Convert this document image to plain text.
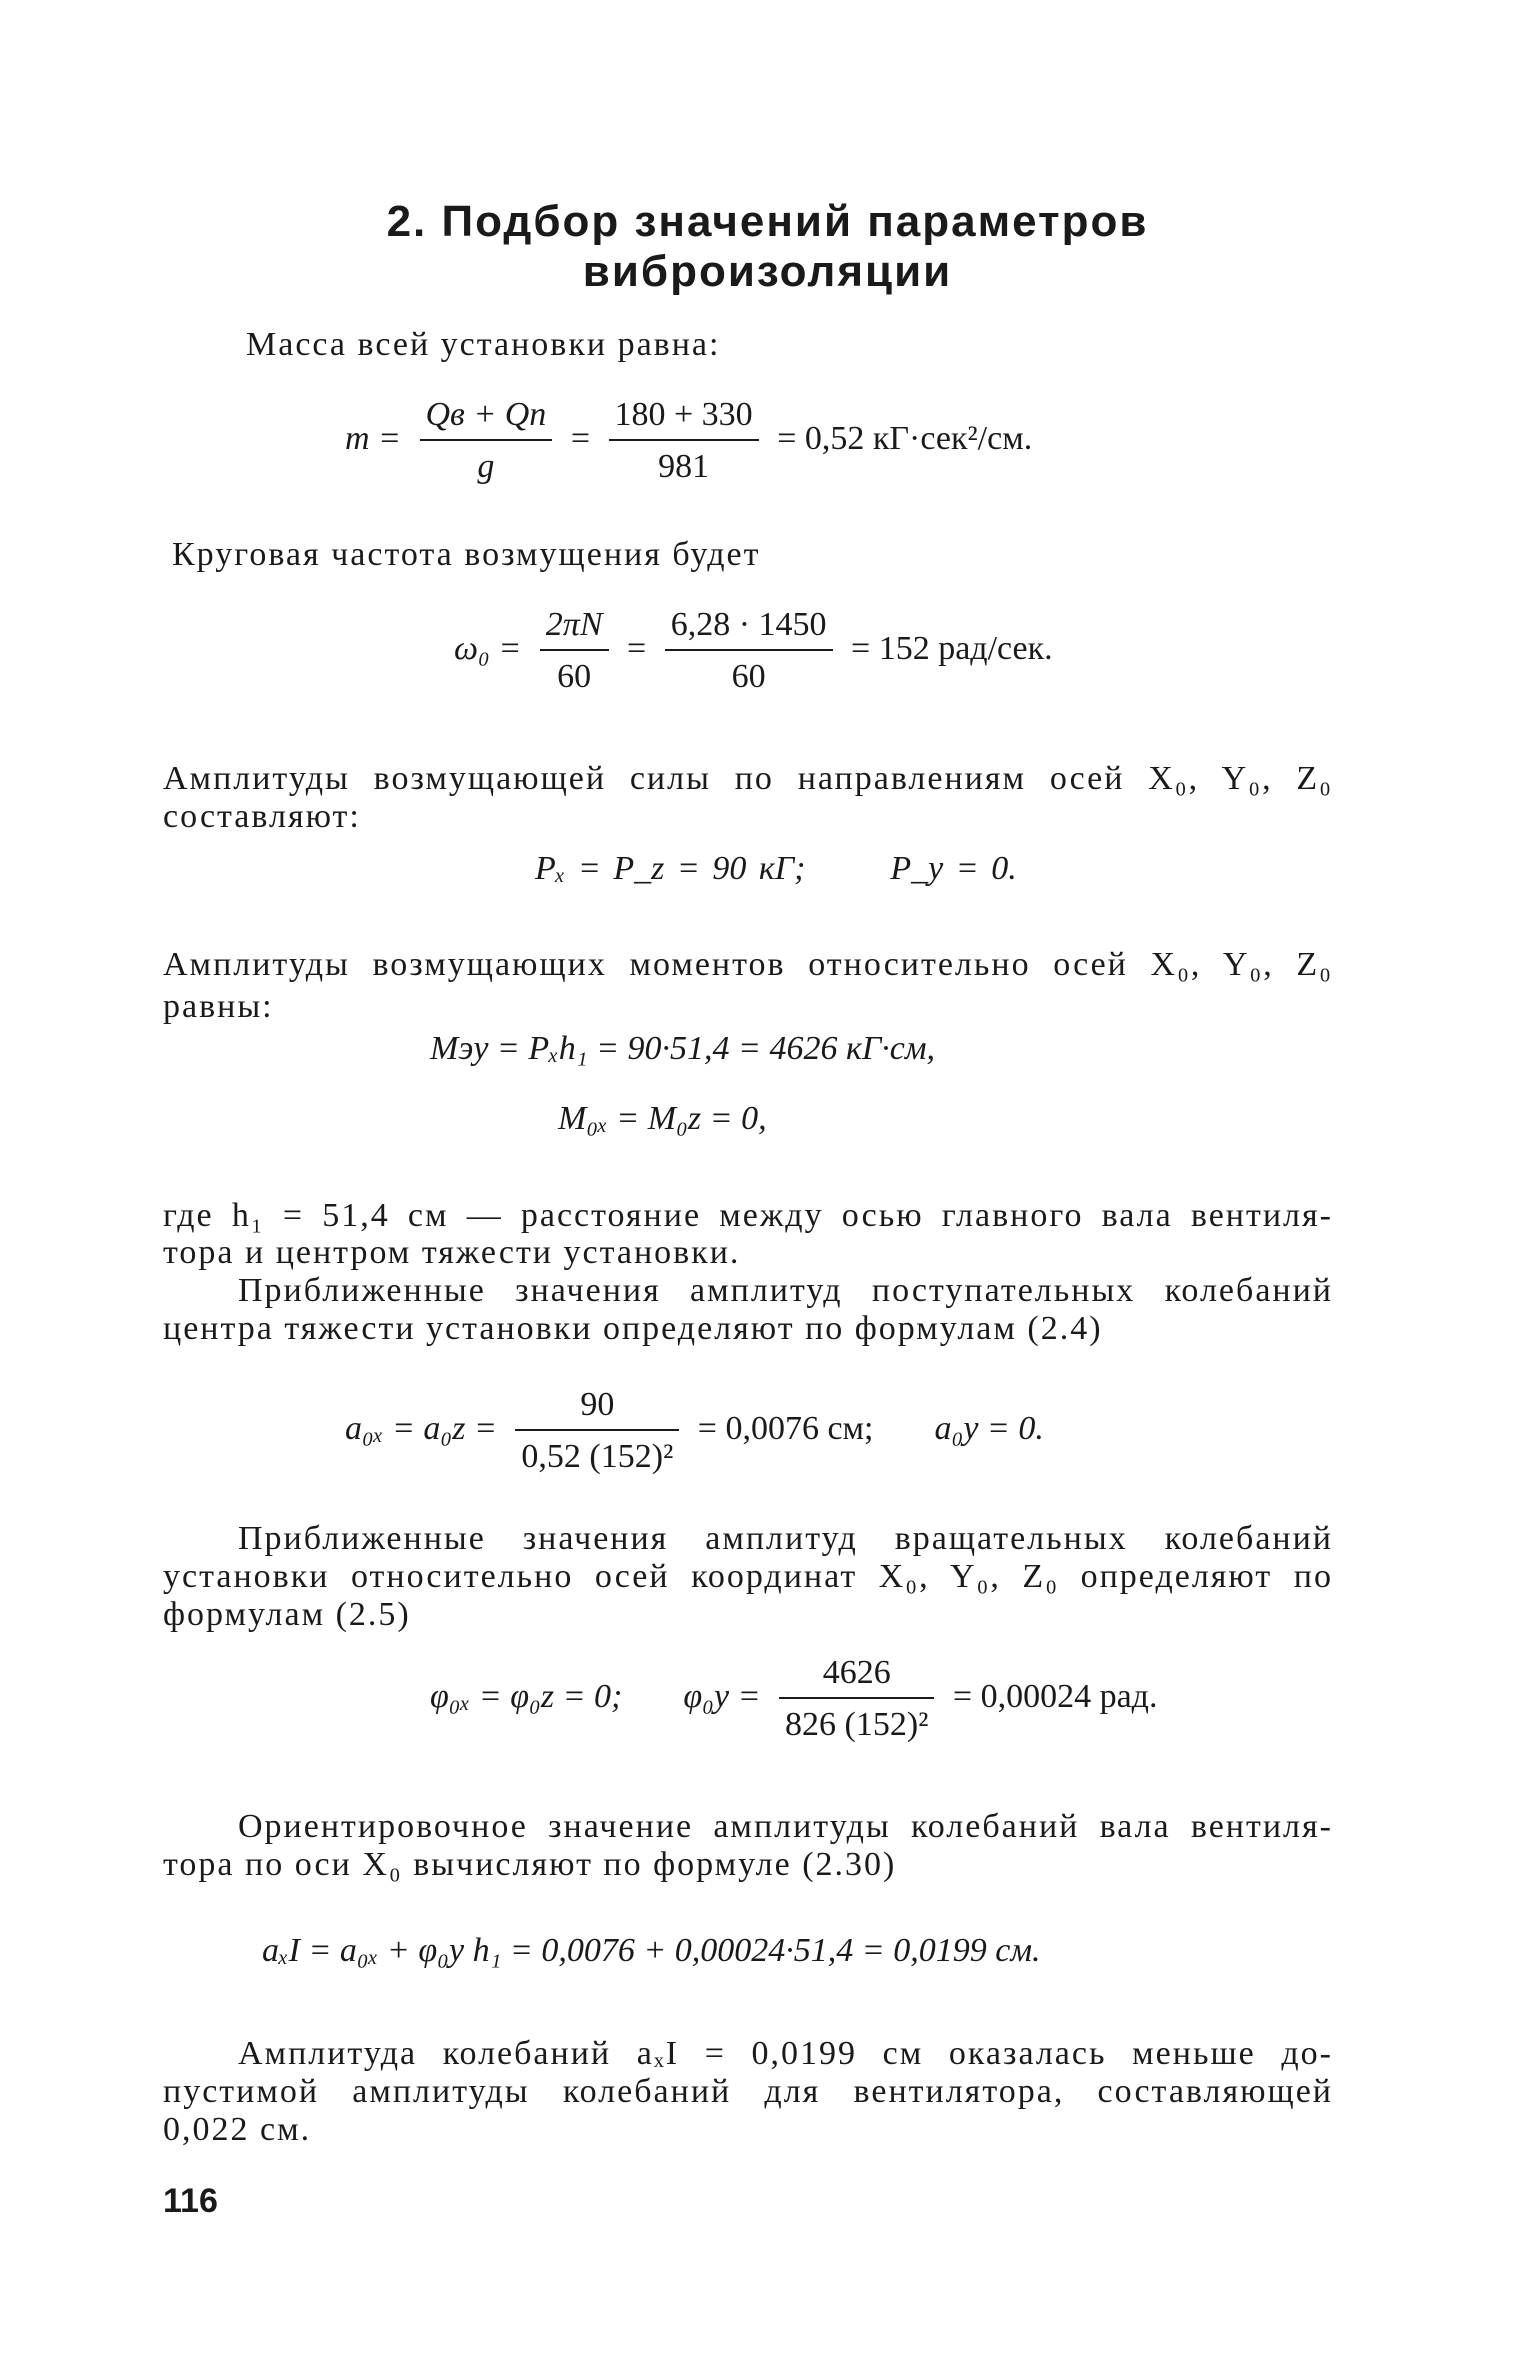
2. Подбор значений параметров
виброизоляции
Масса всей установки равна:
$m = \frac{Qв + Qп}{g} = \frac{180 + 330}{981} = 0,52$ кГ·сек²/см.
Круговая частота возмущения будет
$\omega_0 = \frac{2\pi N}{60} = \frac{6,28 \cdot 1450}{60} = 152$ рад/сек.
Амплитуды возмущающей силы по направлениям осей X₀, Y₀, Z₀
составляют:
Pₓ = P_z = 90 кГ;	P_y = 0.
Амплитуды возмущающих моментов относительно осей X₀, Y₀, Z₀
равны:
Mэy = Pₓh₁ = 90·51,4 = 4626 кГ·см,
M₀ₓ = M₀z = 0,
где h₁ = 51,4 см — расстояние между осью главного вала вентиля-
тора и центром тяжести установки.
Приближенные значения амплитуд поступательных колебаний
центра тяжести установки определяют по формулам (2.4)
$a_{0x} = a_0z = \frac{90}{\text{0,52 (152)²}} = 0,0076$ см; a₀y = 0.
Приближенные значения амплитуд вращательных колебаний
установки относительно осей координат X₀, Y₀, Z₀ определяют по
формулам (2.5)
φ₀ₓ = φ₀z = 0; $\varphi_0y = \frac{4626}{\text{826 (152)²}} = 0,00024$ рад.
Ориентировочное значение амплитуды колебаний вала вентиля-
тора по оси X₀ вычисляют по формуле (2.30)
aₓI = a₀ₓ + φ₀y h₁ = 0,0076 + 0,00024·51,4 = 0,0199 см.
Амплитуда колебаний aₓI = 0,0199 см оказалась меньше до-
пустимой амплитуды колебаний для вентилятора, составляющей
0,022 см.
116
